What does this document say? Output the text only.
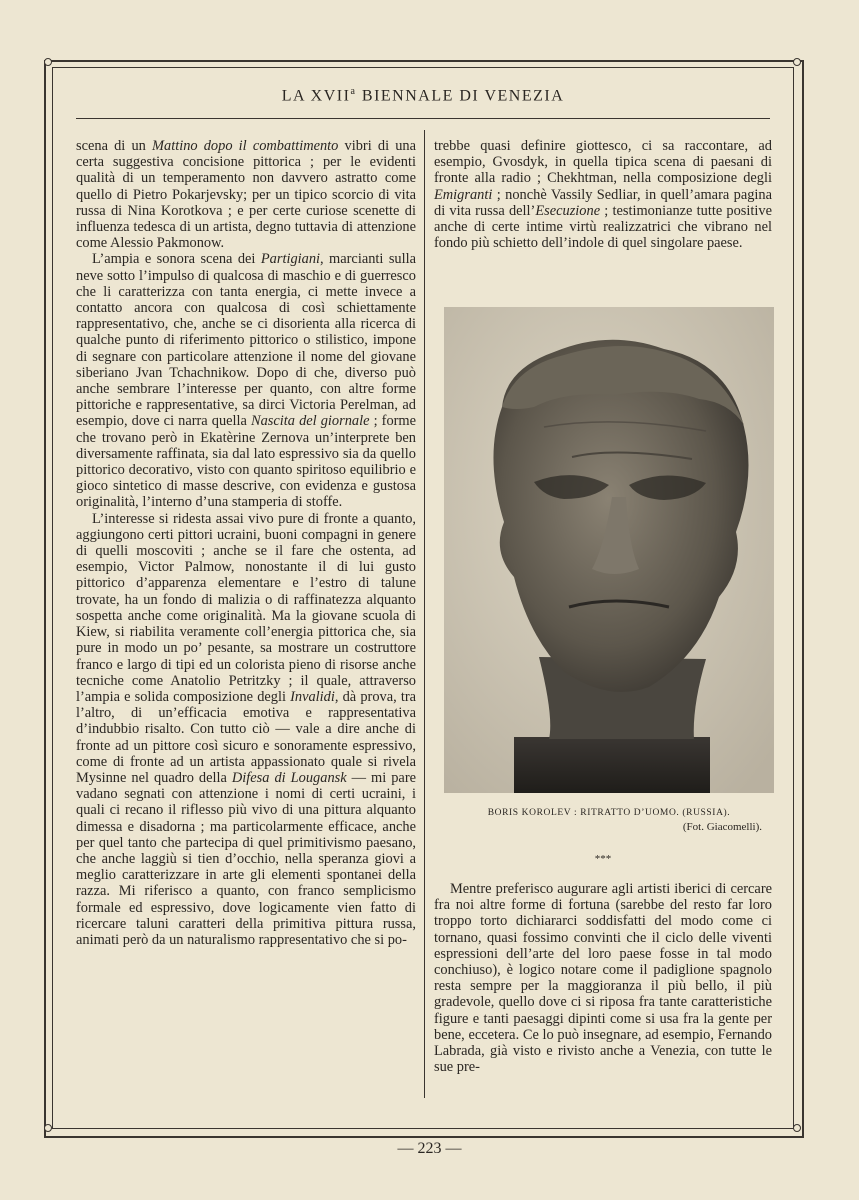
LA XVII$^a$ BIENNALE DI VENEZIA

scena di un Mattino dopo il combattimento vibri di una certa suggestiva concisione pittorica ; per le evidenti qualità di un temperamento non davvero astratto come quello di Pietro Pokarjevsky; per un tipico scorcio di vita russa di Nina Korotkova ; e per certe curiose scenette di influenza tedesca di un artista, degno tuttavia di attenzione come Alessio Pakmonow.

L’ampia e sonora scena dei Partigiani, marcianti sulla neve sotto l’impulso di qualcosa di maschio e di guerresco che li caratterizza con tanta energia, ci mette invece a contatto ancora con qualcosa di così schiettamente rappresentativo, che, anche se ci disorienta alla ricerca di qualche punto di riferimento pittorico o stilistico, impone di segnare con particolare attenzione il nome del giovane siberiano Jvan Tchachnikow. Dopo di che, diverso può anche sembrare l’interesse per quanto, con altre forme pittoriche e rappresentative, sa dirci Victoria Perelman, ad esempio, dove ci narra quella Nascita del giornale ; forme che trovano però in Ekatèrine Zernova un’interprete ben diversamente raffinata, sia dal lato espressivo sia da quello pittorico decorativo, visto con quanto spiritoso equilibrio e gioco sintetico di masse descrive, con evidenza e gustosa originalità, l’interno d’una stamperia di stoffe.

L’interesse si ridesta assai vivo pure di fronte a quanto, aggiungono certi pittori ucraini, buoni compagni in genere di quelli moscoviti ; anche se il fare che ostenta, ad esempio, Victor Palmow, nonostante il di lui gusto pittorico d’apparenza elementare e l’estro di talune trovate, ha un fondo di malizia o di raffinatezza alquanto sospetta anche come originalità. Ma la giovane scuola di Kiew, si riabilita veramente coll’energia pittorica che, sia pure in modo un po’ pesante, sa mostrare un costruttore franco e largo di tipi ed un colorista pieno di risorse anche tecniche come Anatolio Petritzky ; il quale, attraverso l’ampia e solida composizione degli Invalidi, dà prova, tra l’altro, di un’efficacia emotiva e rappresentativa d’indubbio risalto. Con tutto ciò — vale a dire anche di fronte ad un pittore così sicuro e sonoramente espressivo, come di fronte ad un artista appassionato quale si rivela Mysinne nel quadro della Difesa di Lougansk — mi pare vadano segnati con attenzione i nomi di certi ucraini, i quali ci recano il riflesso più vivo di una pittura alquanto dimessa e disadorna ; ma particolarmente efficace, anche per quel tanto che partecipa di quel primitivismo paesano, che anche laggiù si tien d’occhio, nella speranza giovi a meglio caratterizzare in arte gli elementi spontanei della razza. Mi riferisco a quanto, con franco semplicismo formale ed espressivo, dove logicamente vien fatto di ricercare taluni caratteri della primitiva pittura russa, animati però da un naturalismo rappresentativo che si po-

trebbe quasi definire giottesco, ci sa raccontare, ad esempio, Gvosdyk, in quella tipica scena di paesani di fronte alla radio ; Chekhtman, nella composizione degli Emigranti ; nonchè Vassily Sedliar, in quell’amara pagina di vita russa dell’Esecuzione ; testimonianze tutte positive anche di certe intime virtù realizzatrici che vibrano nel fondo più schietto dell’indole di quel singolare paese.

BORIS KOROLEV : RITRATTO D’UOMO. (RUSSIA).
(Fot. Giacomelli).
***

Mentre preferisco augurare agli artisti iberici di cercare fra noi altre forme di fortuna (sarebbe del resto far loro troppo torto dichiararci soddisfatti del modo come ci tornano, quasi fossimo convinti che il ciclo delle viventi espressioni dell’arte del loro paese fosse in tal modo conchiuso), è logico notare come il padiglione spagnolo resta sempre per la maggioranza il più bello, il più gradevole, quello dove ci si riposa fra tante caratteristiche figure e tanti paesaggi dipinti come si usa fra la gente per bene, eccetera. Ce lo può insegnare, ad esempio, Fernando Labrada, già visto e rivisto anche a Venezia, con tutte le sue pre-

— 223 —
